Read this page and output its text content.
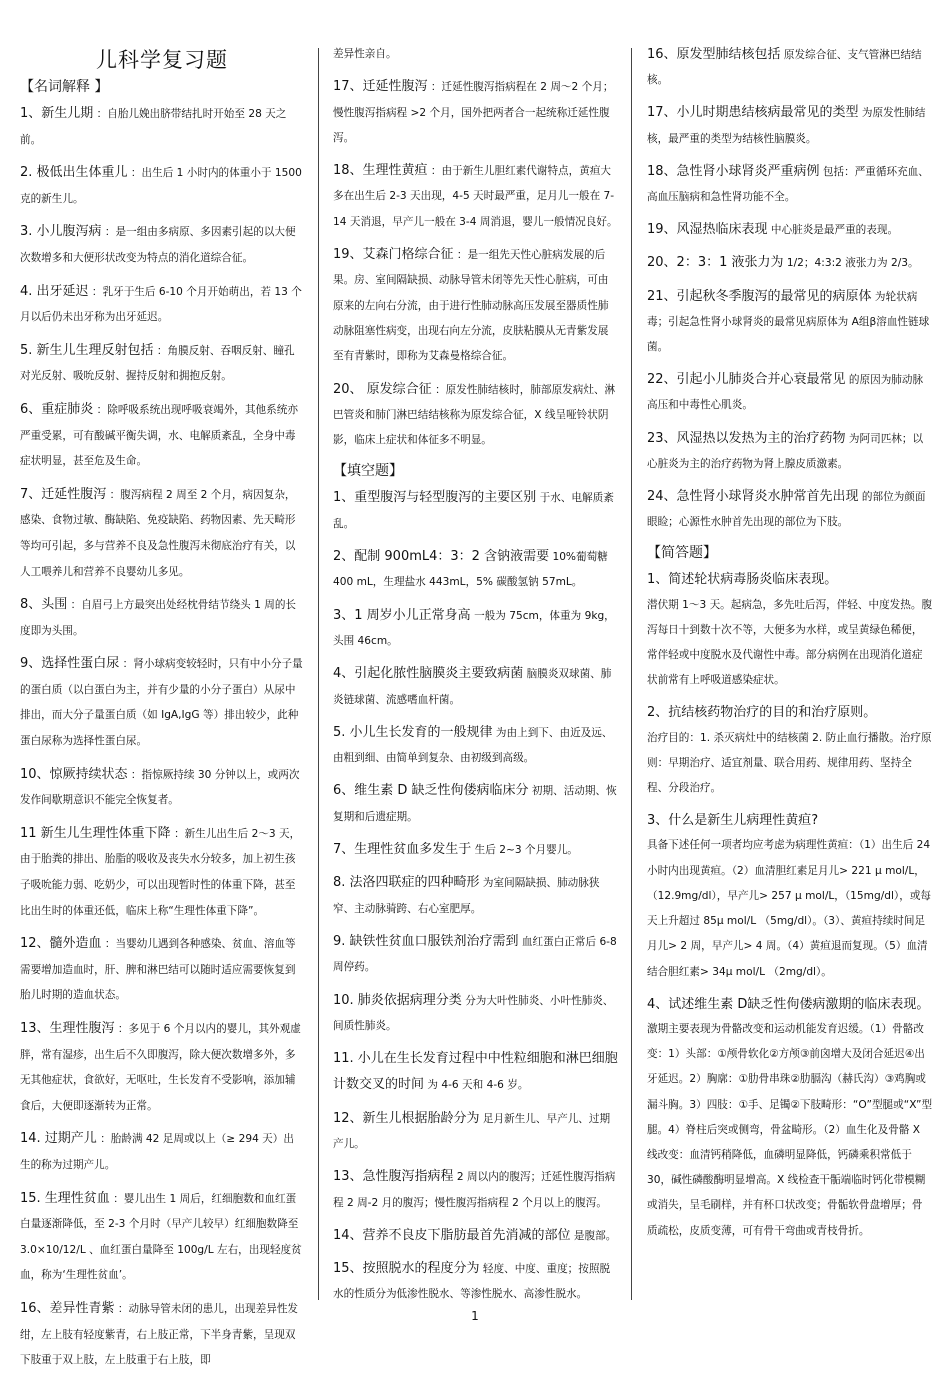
儿科学复习题
【名词解释 】
1、新生儿期 ：自胎儿娩出脐带结扎时开始至 28 天之前。
2. 极低出生体重儿 ：出生后 1 小时内的体重小于 1500 克的新生儿。
3. 小儿腹泻病 ：是一组由多病原、多因素引起的以大便次数增多和大便形状改变为特点的消化道综合征。
4. 出牙延迟 ：乳牙于生后 6-10 个月开始萌出，若 13 个月以后仍未出牙称为出牙延迟。
5. 新生儿生理反射包括 ：角膜反射、吞咽反射、瞳孔对光反射、吸吮反射、握持反射和拥抱反射。
6、重症肺炎 ：除呼吸系统出现呼吸衰竭外，其他系统亦严重受累，可有酸碱平衡失调，水、电解质紊乱，全身中毒症状明显，甚至危及生命。
7、迁延性腹泻 ：腹泻病程 2 周至 2 个月，病因复杂，感染、食物过敏、酶缺陷、免疫缺陷、药物因素、先天畸形等均可引起，多与营养不良及急性腹泻未彻底治疗有关，以人工喂养儿和营养不良婴幼儿多见。
8、头围 ：自眉弓上方最突出处经枕骨结节绕头 1 周的长度即为头围。
9、选择性蛋白尿 ：肾小球病变较轻时，只有中小分子量的蛋白质（以白蛋白为主，并有少量的小分子蛋白）从尿中排出，而大分子量蛋白质（如 IgA,IgG 等）排出较少，此种蛋白尿称为选择性蛋白尿。
10、惊厥持续状态 ：指惊厥持续 30 分钟以上，或两次发作间歇期意识不能完全恢复者。
11 新生儿生理性体重下降 ：新生儿出生后 2～3 天，由于胎粪的排出、胎脂的吸收及丧失水分较多，加上初生孩子吸吮能力弱、吃奶少，可以出现暂时性的体重下降，甚至比出生时的体重还低，临床上称“生理性体重下降”。
12、髓外造血 ：当婴幼儿遇到各种感染、贫血、溶血等需要增加造血时，肝、脾和淋巴结可以随时适应需要恢复到胎儿时期的造血状态。
13、生理性腹泻 ：多见于 6 个月以内的婴儿，其外观虚胖，常有湿疹，出生后不久即腹泻，除大便次数增多外，多无其他症状，食欲好，无呕吐，生长发育不受影响，添加辅食后，大便即逐渐转为正常。
14. 过期产儿 ：胎龄满 42 足周或以上（≥ 294 天）出生的称为过期产儿。
15. 生理性贫血 ：婴儿出生 1 周后，红细胞数和血红蛋白量逐渐降低，至 2-3 个月时（早产儿较早）红细胞数降至 3.0×10/12/L 、血红蛋白量降至 100g/L 左右，出现轻度贫血，称为‘生理性贫血’。
16、差异性青紫 ：动脉导管未闭的患儿，出现差异性发绀，左上肢有轻度紫青，右上肢正常，下半身青紫，呈现双下肢重于双上肢，左上肢重于右上肢，即
差异性亲自。
17、迁延性腹泻 ：迁延性腹泻指病程在 2 周～2 个月；慢性腹泻指病程 >2 个月，国外把两者合一起统称迁延性腹泻。
18、生理性黄疸 ：由于新生儿胆红素代谢特点，黄疸大多在出生后 2-3 天出现，4-5 天时最严重，足月儿一般在 7-14 天消退，早产儿一般在 3-4 周消退，婴儿一般情况良好。
19、艾森门格综合征 ：是一组先天性心脏病发展的后果。房、室间隔缺损、动脉导管未闭等先天性心脏病，可由原来的左向右分流，由于进行性肺动脉高压发展至器质性肺动脉阻塞性病变，出现右向左分流，皮肤粘膜从无青紫发展至有青紫时，即称为艾森曼格综合征。
20、 原发综合征 ：原发性肺结核时，肺部原发病灶、淋巴管炎和肺门淋巴结结核称为原发综合征，X 线呈哑铃状阴影，临床上症状和体征多不明显。
【填空题】
1、重型腹泻与轻型腹泻的主要区别 于水、电解质紊乱。
2、配制 900mL4：3：2 含钠液需要 10%葡萄糖 400 mL，生理盐水 443mL，5% 碳酸氢钠 57mL。
3、1 周岁小儿正常身高 一般为 75cm，体重为 9kg，头围 46cm。
4、引起化脓性脑膜炎主要致病菌 脑膜炎双球菌、肺炎链球菌、流感嗜血杆菌。
5. 小儿生长发育的一般规律 为由上到下、由近及远、由粗到细、由简单到复杂、由初级到高级。
6、维生素 D 缺乏性佝偻病临床分 初期、活动期、恢复期和后遗症期。
7、生理性贫血多发生于 生后 2~3 个月婴儿。
8. 法洛四联症的四种畸形 为室间隔缺损、肺动脉狭窄、主动脉骑跨、右心室肥厚。
9. 缺铁性贫血口服铁剂治疗需到 血红蛋白正常后 6-8 周停药。
10. 肺炎依据病理分类 分为大叶性肺炎、小叶性肺炎、间质性肺炎。
11. 小儿在生长发育过程中中性粒细胞和淋巴细胞计数交叉的时间 为 4-6 天和 4-6 岁。
12、新生儿根据胎龄分为 足月新生儿、早产儿、过期产儿。
13、急性腹泻指病程 2 周以内的腹泻；迁延性腹泻指病程 2 周-2 月的腹泻；慢性腹泻指病程 2 个月以上的腹泻。
14、营养不良皮下脂肪最首先消减的部位 是腹部。
15、按照脱水的程度分为 轻度、中度、重度；按照脱水的性质分为低渗性脱水、等渗性脱水、高渗性脱水。
16、原发型肺结核包括 原发综合征、支气管淋巴结结核。
17、小儿时期患结核病最常见的类型 为原发性肺结核，最严重的类型为结核性脑膜炎。
18、急性肾小球肾炎严重病例 包括：严重循环充血、高血压脑病和急性肾功能不全。
19、风湿热临床表现 中心脏炎是最严重的表现。
20、2：3：1 液张力为 1/2；4:3:2 液张力为 2/3。
21、引起秋冬季腹泻的最常见的病原体 为轮状病毒；引起急性肾小球肾炎的最常见病原体为 A组β溶血性链球菌。
22、引起小儿肺炎合并心衰最常见 的原因为肺动脉高压和中毒性心肌炎。
23、风湿热以发热为主的治疗药物 为阿司匹林；以心脏炎为主的治疗药物为肾上腺皮质激素。
24、急性肾小球肾炎水肿常首先出现 的部位为颜面眼睑；心源性水肿首先出现的部位为下肢。
【简答题】
1、简述轮状病毒肠炎临床表现。
潜伏期 1～3 天。起病急，多先吐后泻，伴轻、中度发热。腹泻每日十到数十次不等，大便多为水样，或呈黄绿色稀便，常伴轻或中度脱水及代谢性中毒。部分病例在出现消化道症状前常有上呼吸道感染症状。
2、抗结核药物治疗的目的和治疗原则。
治疗目的：1. 杀灭病灶中的结核菌 2. 防止血行播散。治疗原则：早期治疗、适宜剂量、联合用药、规律用药、坚持全程、分段治疗。
3、什么是新生儿病理性黄疸?
具备下述任何一项者均应考虑为病理性黄疸：（1）出生后 24 小时内出现黄疸。（2）血清胆红素足月儿> 221 μ mol/L，（12.9mg/dl），早产儿> 257 μ mol/L，（15mg/dl），或每天上升超过 85μ mol/L （5mg/dl）。（3）、黄疸持续时间足月儿> 2 周，早产儿> 4 周。（4）黄疸退而复现。（5）血清结合胆红素> 34μ mol/L （2mg/dl）。
4、试述维生素 D缺乏性佝偻病激期的临床表现。
激期主要表现为骨骼改变和运动机能发育迟缓。（1）骨骼改变：1）头部：①颅骨软化②方颅③前囟增大及闭合延迟④出牙延迟。2）胸廓：①肋骨串珠②肋膈沟（赫氏沟）③鸡胸或漏斗胸。3）四肢：①手、足镯②下肢畸形：“O”型腿或“X”型腿。4）脊柱后突或侧弯，骨盆畸形。（2）血生化及骨骼 X 线改变：血清钙稍降低，血磷明显降低，钙磷乘积常低于 30，碱性磷酸酶明显增高。X 线检查干骺端临时钙化带模糊或消失，呈毛刷样，并有杯口状改变；骨骺软骨盘增厚；骨质疏松，皮质变薄，可有骨干弯曲或青枝骨折。
1
